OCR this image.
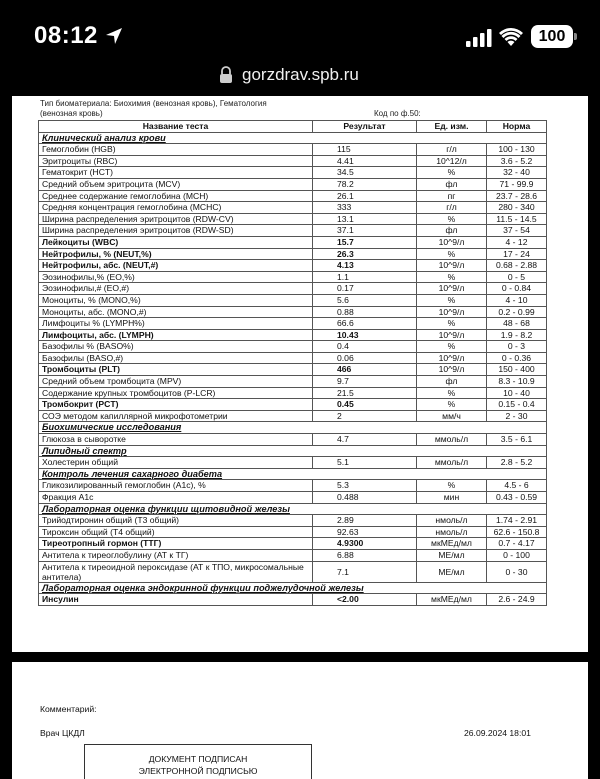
08:12	100
gorzdrav.spb.ru
Тип биоматериала: Биохимия (венозная кровь), Гематология
(венозная кровь)	Код по ф.50:
Название теста	Результат	Ед. изм.	Норма
Клинический анализ крови			
Гемоглобин (HGB)	115	г/л	100 - 130
Эритроциты (RBC)	4.41	10^12/л	3.6 - 5.2
Гематокрит (HCT)	34.5	%	32 - 40
Средний объем эритроцита (MCV)	78.2	фл	71 - 99.9
Среднее содержание гемоглобина (MCH)	26.1	пг	23.7 - 28.6
Средняя концентрация гемоглобина (MCHC)	333	г/л	280 - 340
Ширина распределения эритроцитов (RDW-CV)	13.1	%	11.5 - 14.5
Ширина распределения эритроцитов (RDW-SD)	37.1	фл	37 - 54
Лейкоциты (WBC)	15.7	10^9/л	4 - 12
Нейтрофилы, % (NEUT,%)	26.3	%	17 - 24
Нейтрофилы, абс. (NEUT,#)	4.13	10^9/л	0.68 - 2.88
Эозинофилы,% (EO,%)	1.1	%	0 - 5
Эозинофилы,# (EO,#)	0.17	10^9/л	0 - 0.84
Моноциты, % (MONO,%)	5.6	%	4 - 10
Моноциты, абс. (MONO,#)	0.88	10^9/л	0.2 - 0.99
Лимфоциты % (LYMPH%)	66.6	%	48 - 68
Лимфоциты, абс. (LYMPH)	10.43	10^9/л	1.9 - 8.2
Базофилы % (BASO%)	0.4	%	0 - 3
Базофилы (BASO,#)	0.06	10^9/л	0 - 0.36
Тромбоциты (PLT)	466	10^9/л	150 - 400
Средний объем тромбоцита (MPV)	9.7	фл	8.3 - 10.9
Содержание крупных тромбоцитов (P-LCR)	21.5	%	10 - 40
Тромбокрит (PCT)	0.45	%	0.15 - 0.4
СОЭ методом капиллярной микрофотометрии	2	мм/ч	2 - 30
Биохимические исследования			
Глюкоза в сыворотке	4.7	ммоль/л	3.5 - 6.1
Липидный спектр			
Холестерин общий	5.1	ммоль/л	2.8 - 5.2
Контроль лечения сахарного диабета			
Гликозилированный гемоглобин (A1c), %	5.3	%	4.5 - 6
Фракция A1c	0.488	мин	0.43 - 0.59
Лабораторная оценка функции щитовидной железы			
Трийодтиронин общий (Т3 общий)	2.89	нмоль/л	1.74 - 2.91
Тироксин общий (Т4 общий)	92.63	нмоль/л	62.6 - 150.8
Тиреотропный гормон (ТТГ)	4.9300	мкМЕд/мл	0.7 - 4.17
Антитела к тиреоглобулину (АТ к ТГ)	6.88	МЕ/мл	0 - 100
Антитела к тиреоидной пероксидазе (АТ к ТПО, микросомальные антитела)	7.1	МЕ/мл	0 - 30
Лабораторная оценка эндокринной функции поджелудочной железы			
Инсулин	<2.00	мкМЕд/мл	2.6 - 24.9
Комментарий:
Врач ЦКДЛ	26.09.2024 18:01
ДОКУМЕНТ ПОДПИСАН
ЭЛЕКТРОННОЙ ПОДПИСЬЮ
